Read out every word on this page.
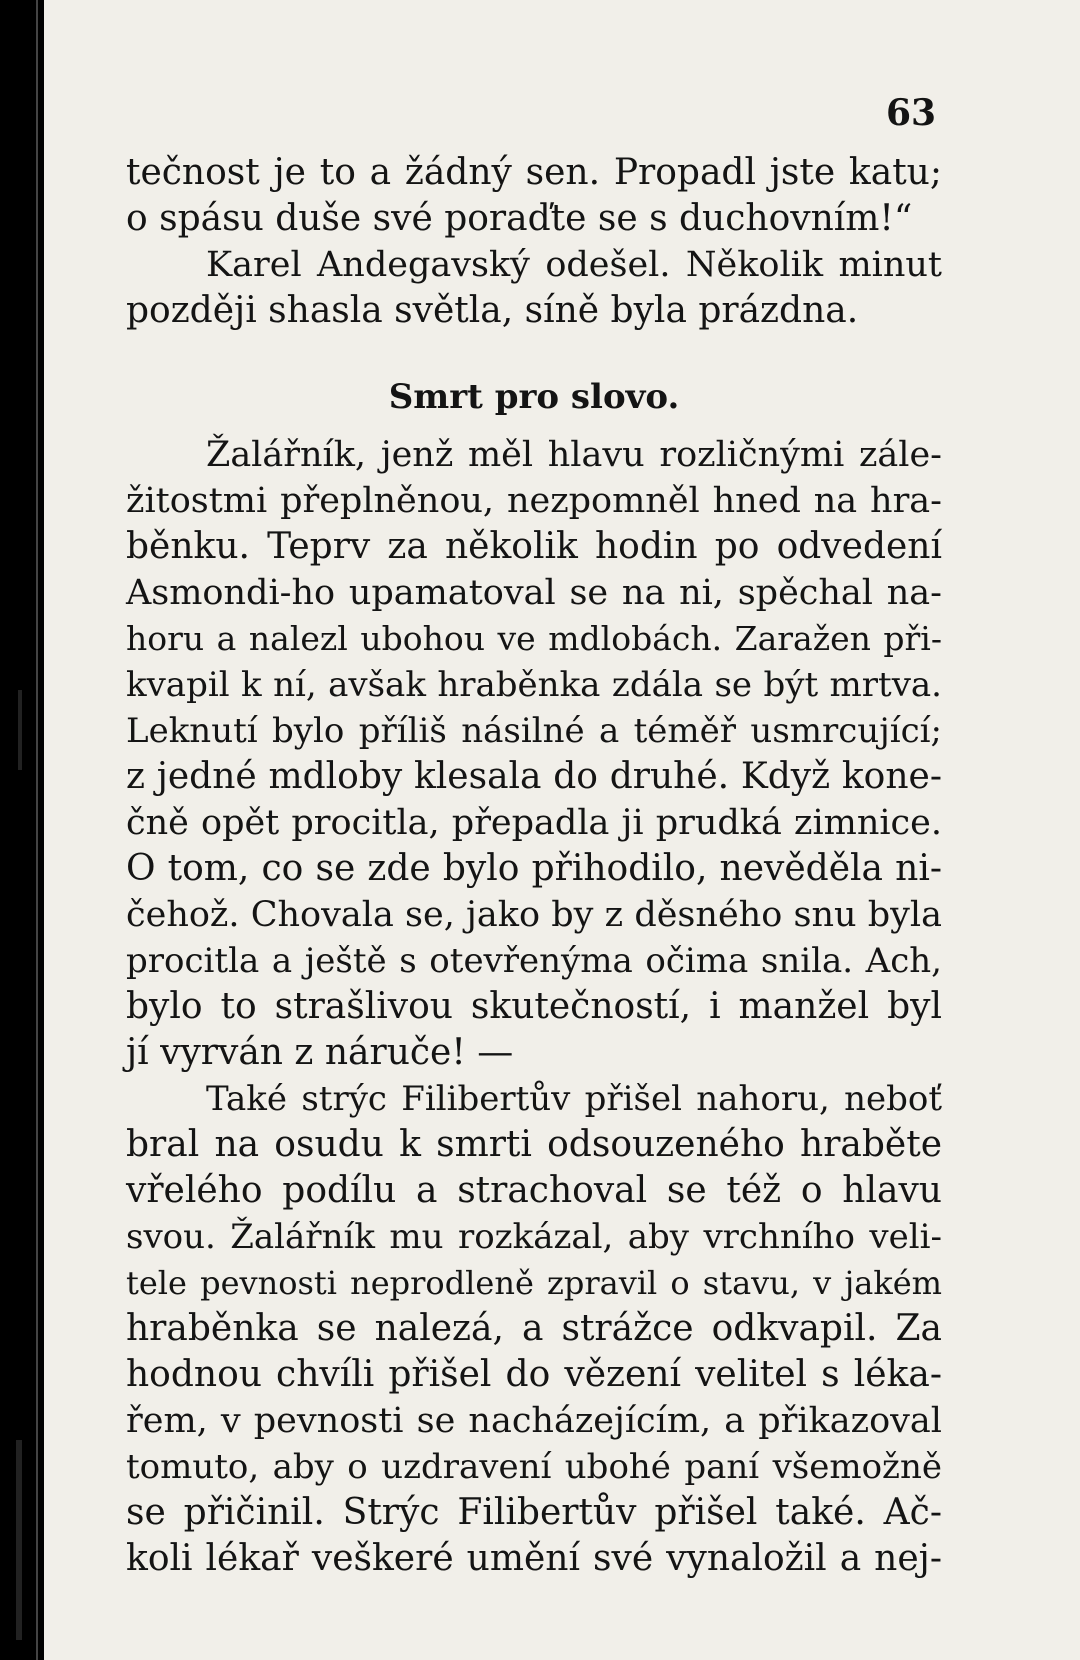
63
tečnost je to a žádný sen. Propadl jste katu;
o spásu duše své poraďte se s duchovním!“
Karel Andegavský odešel. Několik minut
později shasla světla, síně byla prázdna.
Smrt pro slovo.
Žalářník, jenž měl hlavu rozličnými zále-
žitostmi přeplněnou, nezpomněl hned na hra-
běnku. Teprv za několik hodin po odvedení
Asmondi-ho upamatoval se na ni, spěchal na-
horu a nalezl ubohou ve mdlobách. Zaražen při-
kvapil k ní, avšak hraběnka zdála se být mrtva.
Leknutí bylo příliš násilné a téměř usmrcující;
z jedné mdloby klesala do druhé. Když kone-
čně opět procitla, přepadla ji prudká zimnice.
O tom, co se zde bylo přihodilo, nevěděla ni-
čehož. Chovala se, jako by z děsného snu byla
procitla a ještě s otevřenýma očima snila. Ach,
bylo to strašlivou skutečností, i manžel byl
jí vyrván z náruče! —
Také strýc Filibertův přišel nahoru, neboť
bral na osudu k smrti odsouzeného hraběte
vřelého podílu a strachoval se též o hlavu
svou. Žalářník mu rozkázal, aby vrchního veli-
tele pevnosti neprodleně zpravil o stavu, v jakém
hraběnka se nalezá, a strážce odkvapil. Za
hodnou chvíli přišel do vězení velitel s léka-
řem, v pevnosti se nacházejícím, a přikazoval
tomuto, aby o uzdravení ubohé paní všemožně
se přičinil. Strýc Filibertův přišel také. Ač-
koli lékař veškeré umění své vynaložil a nej-
